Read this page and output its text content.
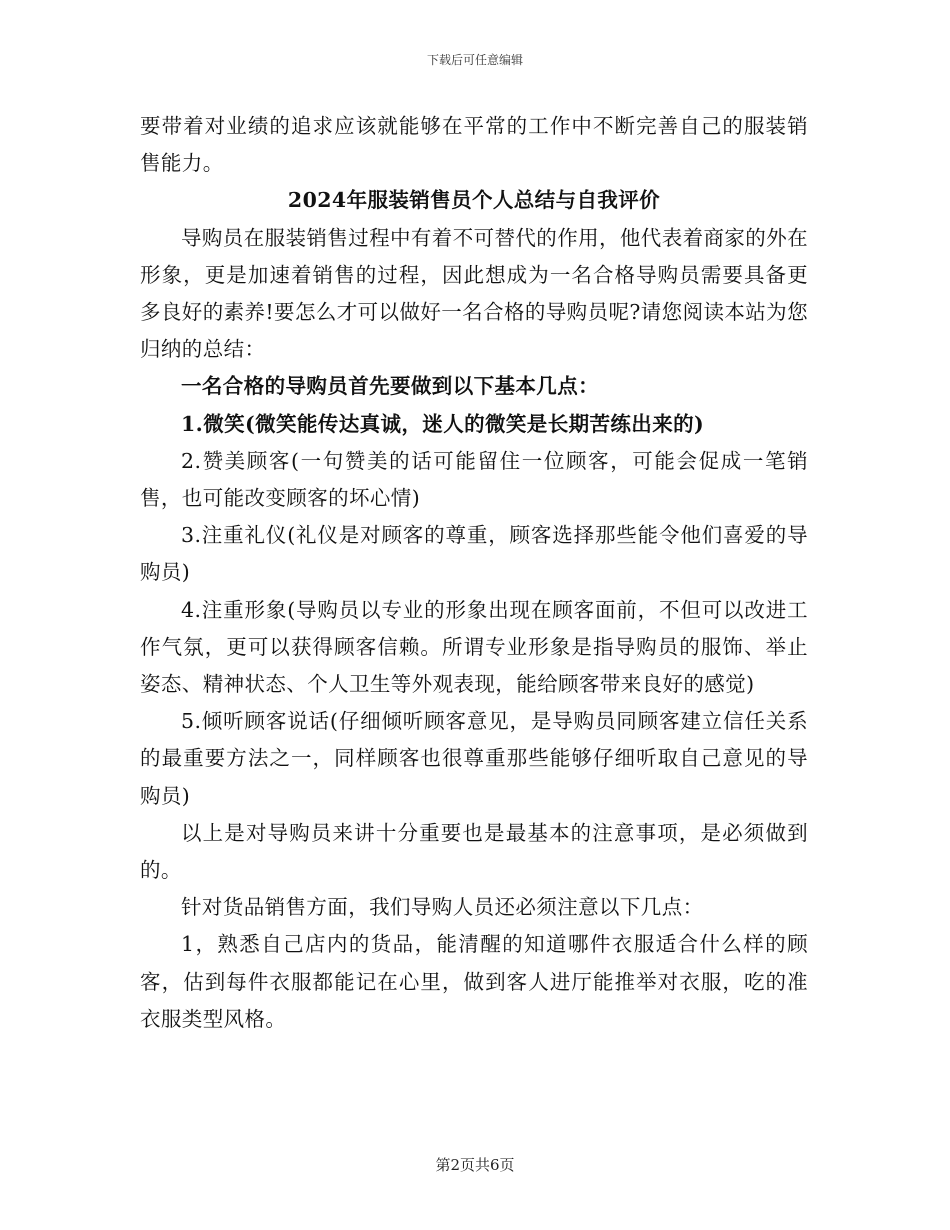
下载后可任意编辑

要带着对业绩的追求应该就能够在平常的工作中不断完善自己的服装销售能力。

2024年服装销售员个人总结与自我评价

导购员在服装销售过程中有着不可替代的作用，他代表着商家的外在形象，更是加速着销售的过程，因此想成为一名合格导购员需要具备更多良好的素养!要怎么才可以做好一名合格的导购员呢?请您阅读本站为您归纳的总结：

一名合格的导购员首先要做到以下基本几点：

1.微笑(微笑能传达真诚，迷人的微笑是长期苦练出来的)

2.赞美顾客(一句赞美的话可能留住一位顾客，可能会促成一笔销售，也可能改变顾客的坏心情)

3.注重礼仪(礼仪是对顾客的尊重，顾客选择那些能令他们喜爱的导购员)

4.注重形象(导购员以专业的形象出现在顾客面前，不但可以改进工作气氛，更可以获得顾客信赖。所谓专业形象是指导购员的服饰、举止姿态、精神状态、个人卫生等外观表现，能给顾客带来良好的感觉)

5.倾听顾客说话(仔细倾听顾客意见，是导购员同顾客建立信任关系的最重要方法之一，同样顾客也很尊重那些能够仔细听取自己意见的导购员)

以上是对导购员来讲十分重要也是最基本的注意事项，是必须做到的。

针对货品销售方面，我们导购人员还必须注意以下几点：

1，熟悉自己店内的货品，能清醒的知道哪件衣服适合什么样的顾客，估到每件衣服都能记在心里，做到客人进厅能推举对衣服，吃的准衣服类型风格。

第2页共6页
